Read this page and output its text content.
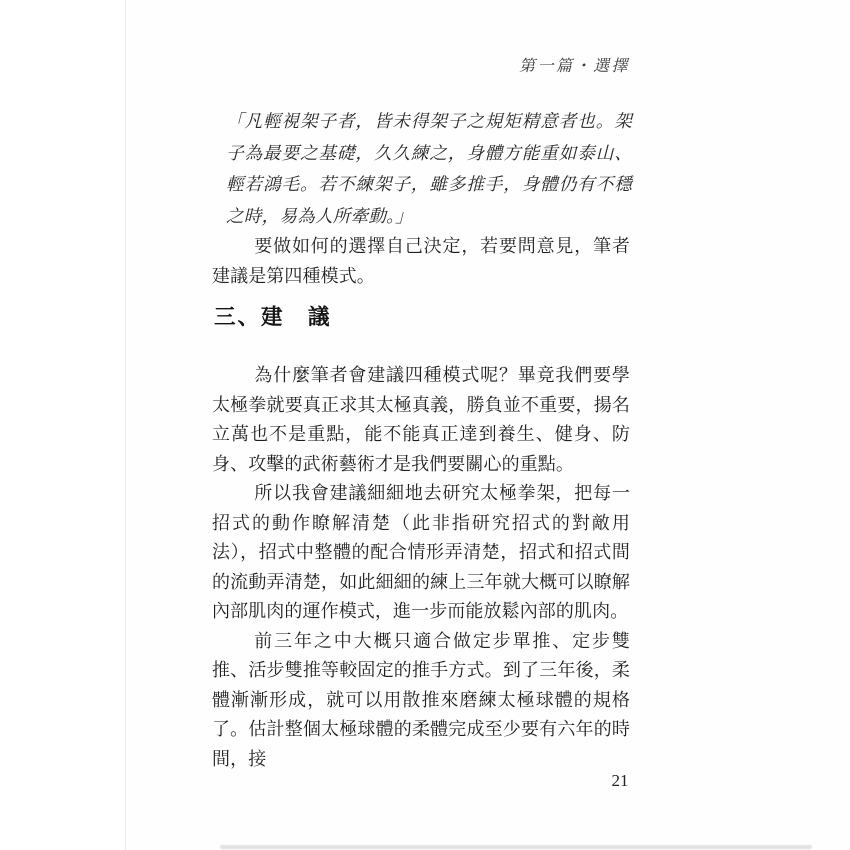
第一篇・選擇
「凡輕視架子者，皆未得架子之規矩精意者也。架子為最要之基礎，久久練之，身體方能重如泰山、輕若鴻毛。若不練架子，雖多推手，身體仍有不穩之時，易為人所牽動。」

要做如何的選擇自己決定，若要問意見，筆者建議是第四種模式。

三、建　議

為什麼筆者會建議四種模式呢？畢竟我們要學太極拳就要真正求其太極真義，勝負並不重要，揚名立萬也不是重點，能不能真正達到養生、健身、防身、攻擊的武術藝術才是我們要關心的重點。

所以我會建議細細地去研究太極拳架，把每一招式的動作瞭解清楚（此非指研究招式的對敵用法），招式中整體的配合情形弄清楚，招式和招式間的流動弄清楚，如此細細的練上三年就大概可以瞭解內部肌肉的運作模式，進一步而能放鬆內部的肌肉。

前三年之中大概只適合做定步單推、定步雙推、活步雙推等較固定的推手方式。到了三年後，柔體漸漸形成，就可以用散推來磨練太極球體的規格了。估計整個太極球體的柔體完成至少要有六年的時間，接

21
